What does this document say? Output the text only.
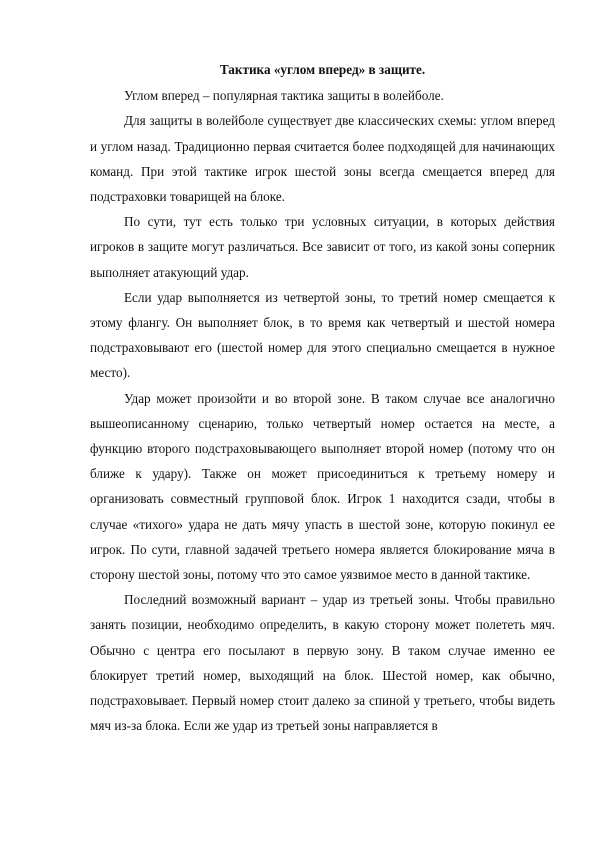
Тактика «углом вперед» в защите.

Углом вперед – популярная тактика защиты в волейболе.

Для защиты в волейболе существует две классических схемы: углом вперед и углом назад. Традиционно первая считается более подходящей для начинающих команд. При этой тактике игрок шестой зоны всегда смещается вперед для подстраховки товарищей на блоке.

По сути, тут есть только три условных ситуации, в которых действия игроков в защите могут различаться. Все зависит от того, из какой зоны соперник выполняет атакующий удар.

Если удар выполняется из четвертой зоны, то третий номер смещается к этому флангу. Он выполняет блок, в то время как четвертый и шестой номера подстраховывают его (шестой номер для этого специально смещается в нужное место).

Удар может произойти и во второй зоне. В таком случае все аналогично вышеописанному сценарию, только четвертый номер остается на месте, а функцию второго подстраховывающего выполняет второй номер (потому что он ближе к удару). Также он может присоединиться к третьему номеру и организовать совместный групповой блок. Игрок 1 находится сзади, чтобы в случае «тихого» удара не дать мячу упасть в шестой зоне, которую покинул ее игрок. По сути, главной задачей третьего номера является блокирование мяча в сторону шестой зоны, потому что это самое уязвимое место в данной тактике.

Последний возможный вариант – удар из третьей зоны. Чтобы правильно занять позиции, необходимо определить, в какую сторону может полететь мяч. Обычно с центра его посылают в первую зону. В таком случае именно ее блокирует третий номер, выходящий на блок. Шестой номер, как обычно, подстраховывает. Первый номер стоит далеко за спиной у третьего, чтобы видеть мяч из-за блока. Если же удар из третьей зоны направляется в
